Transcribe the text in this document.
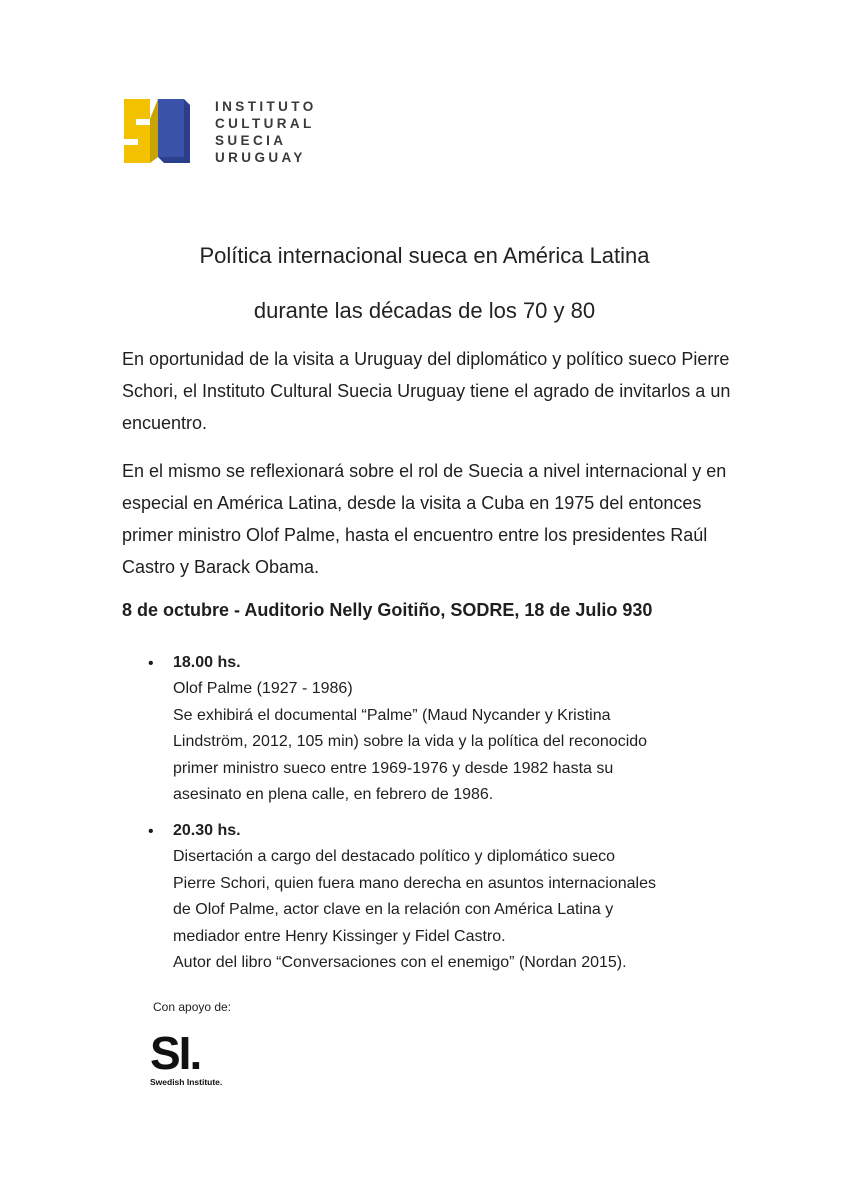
INSTITUTO
CULTURAL
SUECIA
URUGUAY
Política internacional sueca en América Latina
durante las décadas de los 70 y 80
En oportunidad de la visita a Uruguay del diplomático y político sueco Pierre Schori, el Instituto Cultural Suecia Uruguay tiene el agrado de invitarlos a un encuentro.
En el mismo se reflexionará sobre el rol de Suecia a nivel internacional y en especial en América Latina, desde la visita a Cuba en 1975 del entonces primer ministro Olof Palme, hasta el encuentro entre los presidentes Raúl Castro y Barack Obama.
8 de octubre - Auditorio Nelly Goitiño, SODRE, 18 de Julio 930
• 18.00 hs.
Olof Palme (1927 - 1986)
Se exhibirá el documental “Palme” (Maud Nycander y Kristina
Lindström, 2012, 105 min) sobre la vida y la política del reconocido
primer ministro sueco entre 1969-1976 y desde 1982 hasta su
asesinato en plena calle, en febrero de 1986.
• 20.30 hs.
Disertación a cargo del destacado político y diplomático sueco
Pierre Schori, quien fuera mano derecha en asuntos internacionales
de Olof Palme, actor clave en la relación con América Latina y
mediador entre Henry Kissinger y Fidel Castro.
Autor del libro “Conversaciones con el enemigo” (Nordan 2015).
Con apoyo de:
SI.
Swedish Institute.
